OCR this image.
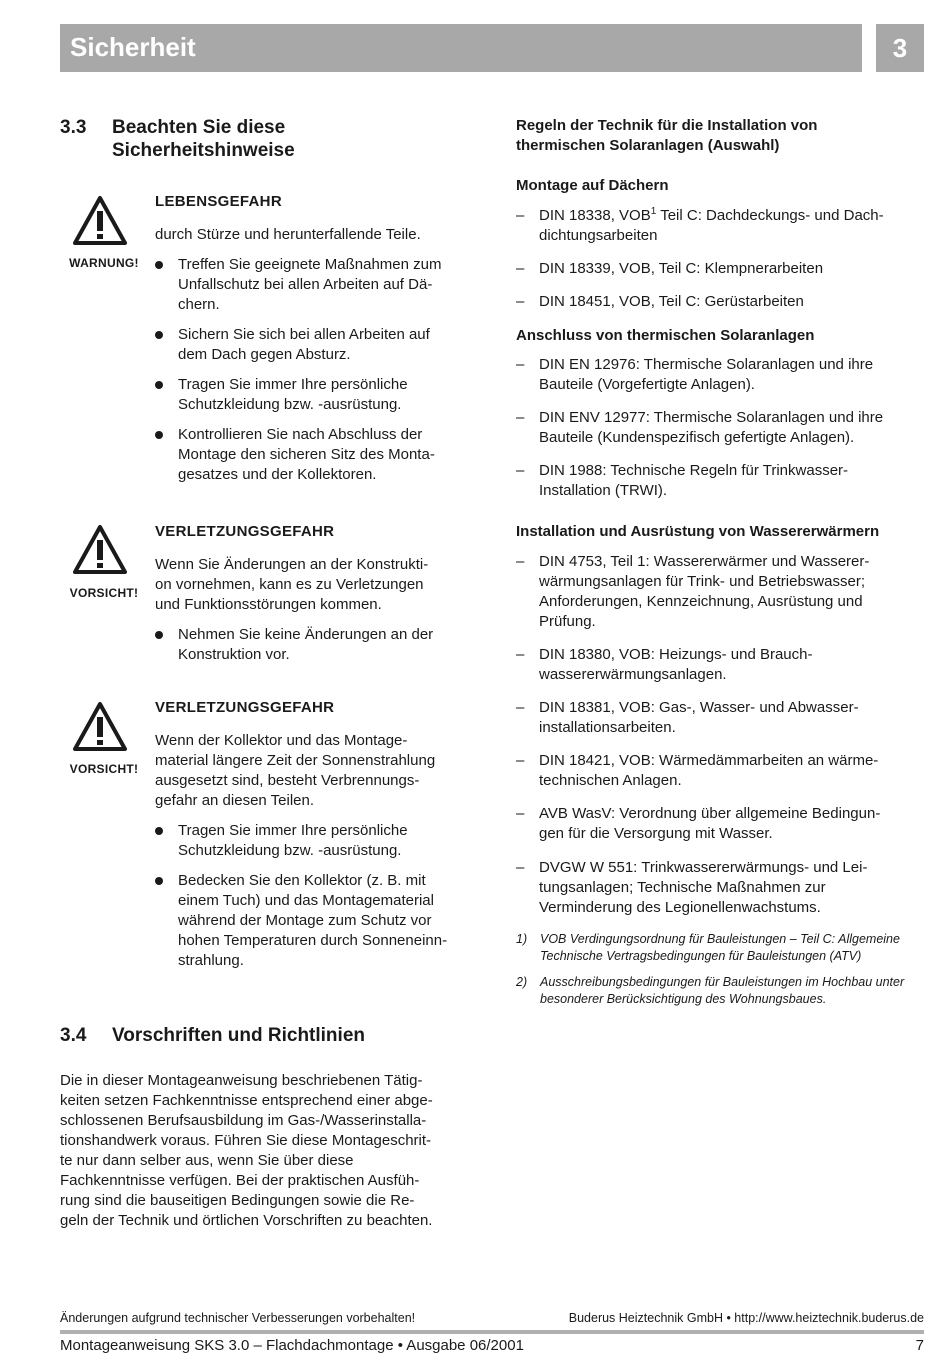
Sicherheit	3
3.3 Beachten Sie diese
Sicherheitshinweise
WARNUNG!
LEBENSGEFAHR
durch Stürze und herunterfallende Teile.
Treffen Sie geeignete Maßnahmen zum
Unfallschutz bei allen Arbeiten auf Dä-
chern.
Sichern Sie sich bei allen Arbeiten auf
dem Dach gegen Absturz.
Tragen Sie immer Ihre persönliche
Schutzkleidung bzw. -ausrüstung.
Kontrollieren Sie nach Abschluss der
Montage den sicheren Sitz des Monta-
gesatzes und der Kollektoren.
VORSICHT!
VERLETZUNGSGEFAHR
Wenn Sie Änderungen an der Konstrukti-
on vornehmen, kann es zu Verletzungen
und Funktionsstörungen kommen.
Nehmen Sie keine Änderungen an der
Konstruktion vor.
VORSICHT!
VERLETZUNGSGEFAHR
Wenn der Kollektor und das Montage-
material längere Zeit der Sonnenstrahlung
ausgesetzt sind, besteht Verbrennungs-
gefahr an diesen Teilen.
Tragen Sie immer Ihre persönliche
Schutzkleidung bzw. -ausrüstung.
Bedecken Sie den Kollektor (z. B. mit
einem Tuch) und das Montagematerial
während der Montage zum Schutz vor
hohen Temperaturen durch Sonneneinn-
strahlung.
3.4 Vorschriften und Richtlinien
Die in dieser Montageanweisung beschriebenen Tätig-
keiten setzen Fachkenntnisse entsprechend einer abge-
schlossenen Berufsausbildung im Gas-/Wasserinstalla-
tionshandwerk voraus. Führen Sie diese Montageschrit-
te nur dann selber aus, wenn Sie über diese
Fachkenntnisse verfügen. Bei der praktischen Ausfüh-
rung sind die bauseitigen Bedingungen sowie die Re-
geln der Technik und örtlichen Vorschriften zu beachten.
Regeln der Technik für die Installation von
thermischen Solaranlagen (Auswahl)
Montage auf Dächern
– DIN 18338, VOB$^1$ Teil C: Dachdeckungs- und Dach-
dichtungsarbeiten
– DIN 18339, VOB, Teil C: Klempnerarbeiten
– DIN 18451, VOB, Teil C: Gerüstarbeiten
Anschluss von thermischen Solaranlagen
– DIN EN 12976: Thermische Solaranlagen und ihre
Bauteile (Vorgefertigte Anlagen).
– DIN ENV 12977: Thermische Solaranlagen und ihre
Bauteile (Kundenspezifisch gefertigte Anlagen).
– DIN 1988: Technische Regeln für Trinkwasser-
Installation (TRWI).
Installation und Ausrüstung von Wassererwärmern
– DIN 4753, Teil 1: Wassererwärmer und Wasserer-
wärmungsanlagen für Trink- und Betriebswasser;
Anforderungen, Kennzeichnung, Ausrüstung und
Prüfung.
– DIN 18380, VOB: Heizungs- und Brauch-
wassererwärmungsanlagen.
– DIN 18381, VOB: Gas-, Wasser- und Abwasser-
installationsarbeiten.
– DIN 18421, VOB: Wärmedämmarbeiten an wärme-
technischen Anlagen.
– AVB WasV: Verordnung über allgemeine Bedingun-
gen für die Versorgung mit Wasser.
– DVGW W 551: Trinkwassererwärmungs- und Lei-
tungsanlagen; Technische Maßnahmen zur
Verminderung des Legionellenwachstums.
1) VOB Verdingungsordnung für Bauleistungen – Teil C: Allgemeine
Technische Vertragsbedingungen für Bauleistungen (ATV)
2) Ausschreibungsbedingungen für Bauleistungen im Hochbau unter
besonderer Berücksichtigung des Wohnungsbaues.
Änderungen aufgrund technischer Verbesserungen vorbehalten!	Buderus Heiztechnik GmbH • http://www.heiztechnik.buderus.de
Montageanweisung SKS 3.0 – Flachdachmontage • Ausgabe 06/2001	7
